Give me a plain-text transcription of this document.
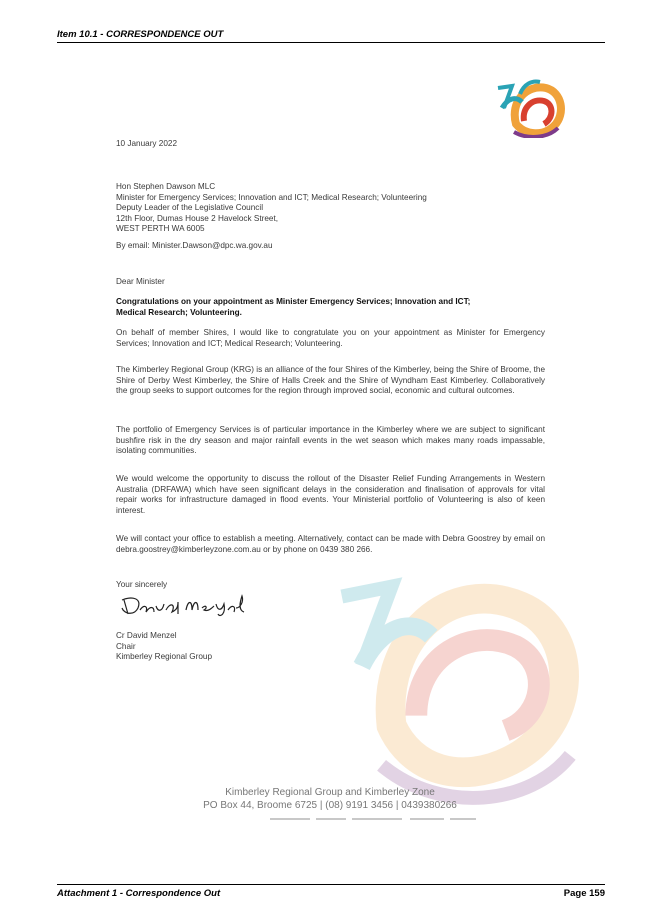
Item 10.1 - CORRESPONDENCE OUT
10 January 2022
Hon Stephen Dawson MLC
Minister for Emergency Services; Innovation and ICT; Medical Research; Volunteering
Deputy Leader of the Legislative Council
12th Floor, Dumas House 2 Havelock Street,
WEST PERTH WA 6005
By email: Minister.Dawson@dpc.wa.gov.au
Dear Minister
Congratulations on your appointment as Minister Emergency Services; Innovation and ICT;
Medical Research; Volunteering.
On behalf of member Shires, I would like to congratulate you on your appointment as Minister for Emergency Services; Innovation and ICT; Medical Research; Volunteering.
The Kimberley Regional Group (KRG) is an alliance of the four Shires of the Kimberley, being the Shire of Broome, the Shire of Derby West Kimberley, the Shire of Halls Creek and the Shire of Wyndham East Kimberley. Collaboratively the group seeks to support outcomes for the region through improved social, economic and cultural outcomes.
The portfolio of Emergency Services is of particular importance in the Kimberley where we are subject to significant bushfire risk in the dry season and major rainfall events in the wet season which makes many roads impassable, isolating communities.
We would welcome the opportunity to discuss the rollout of the Disaster Relief Funding Arrangements in Western Australia (DRFAWA) which have seen significant delays in the consideration and finalisation of approvals for vital repair works for infrastructure damaged in flood events. Your Ministerial portfolio of Volunteering is also of keen interest.
We will contact your office to establish a meeting. Alternatively, contact can be made with Debra Goostrey by email on debra.goostrey@kimberleyzone.com.au or by phone on 0439 380 266.
Your sincerely
Cr David Menzel
Chair
Kimberley Regional Group
Kimberley Regional Group and Kimberley Zone
PO Box 44, Broome 6725 | (08) 9191 3456 | 0439380266
Attachment 1 - Correspondence Out	Page 159
